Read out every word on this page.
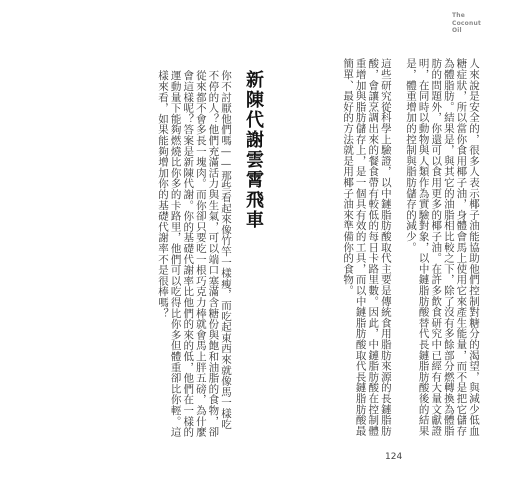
The
Coconut
Oil

人來說是安全的，很多人表示椰子油能協助他們控制對糖分的渴望，與減少低血糖症狀，所以當你食用椰子油，身體會馬上使用它來產生能量，而不是把它儲存為體脂肪。結果是，與其它的油脂相比較之下，除了沒有多餘部分燃轉換為體脂肪的問題外，你還可以食用更多的椰子油。在許多飲食研究中已經有大量文獻證明，在同時以動物與人類作為實驗對象，以中鏈脂肪酸替代長鏈脂肪酸後的結果是，體重增加的控制與脂肪儲存的減少。

這些研究從科學上驗證，以中鏈脂肪酸取代主要是傳統食用脂肪來源的長鏈脂肪酸，會讓烹調出來的餐食帶有較低的每日卡路里數。因此，中鏈脂肪酸在控制體重增加與脂肪儲存上，是一個具有效的工具，而以中鏈脂肪酸取代長鏈脂肪酸最簡單、最好的方法就是用椰子油來準備你的食物。

新陳代謝雲霄飛車

你不討厭他們嗎——那些看起來像竹竿一樣瘦，而吃起東西來就像馬一樣吃不停的人？他們充滿活力與生氣，可以端口塞滿含糖份與飽和油脂的食物，卻從來都不會多長一塊肉。而你卻只要吃一根巧克力棒就會馬上胖五磅，為什麼會這樣呢？答案是新陳代謝。你的基礎代謝率比他們的來的低，他們在一樣的運動量下能夠燃燒比你多的卡路里，他們可以吃得比你多但體重卻比你輕。這樣來看，如果能夠增加你的基礎代謝率不是很棒嗎？

124
